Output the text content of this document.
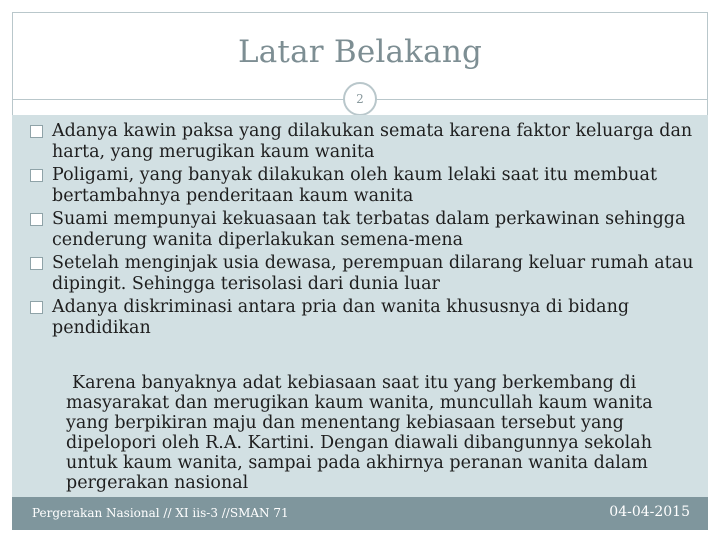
Latar Belakang
2
Adanya kawin paksa yang dilakukan semata karena faktor keluarga dan harta, yang merugikan kaum wanita
Poligami, yang banyak dilakukan oleh kaum lelaki saat itu membuat bertambahnya penderitaan kaum wanita
Suami mempunyai kekuasaan tak terbatas dalam perkawinan sehingga cenderung wanita diperlakukan semena-mena
Setelah menginjak usia dewasa, perempuan dilarang keluar rumah atau dipingit. Sehingga terisolasi dari dunia luar
Adanya diskriminasi antara pria dan wanita khususnya di bidang pendidikan
Karena banyaknya adat kebiasaan saat itu yang berkembang di masyarakat dan merugikan kaum wanita, muncullah kaum wanita yang berpikiran maju dan menentang kebiasaan tersebut yang dipelopori oleh R.A. Kartini. Dengan diawali dibangunnya sekolah untuk kaum wanita, sampai pada akhirnya peranan wanita dalam pergerakan nasional
Pergerakan Nasional // XI iis-3 //SMAN 71	04-04-2015
